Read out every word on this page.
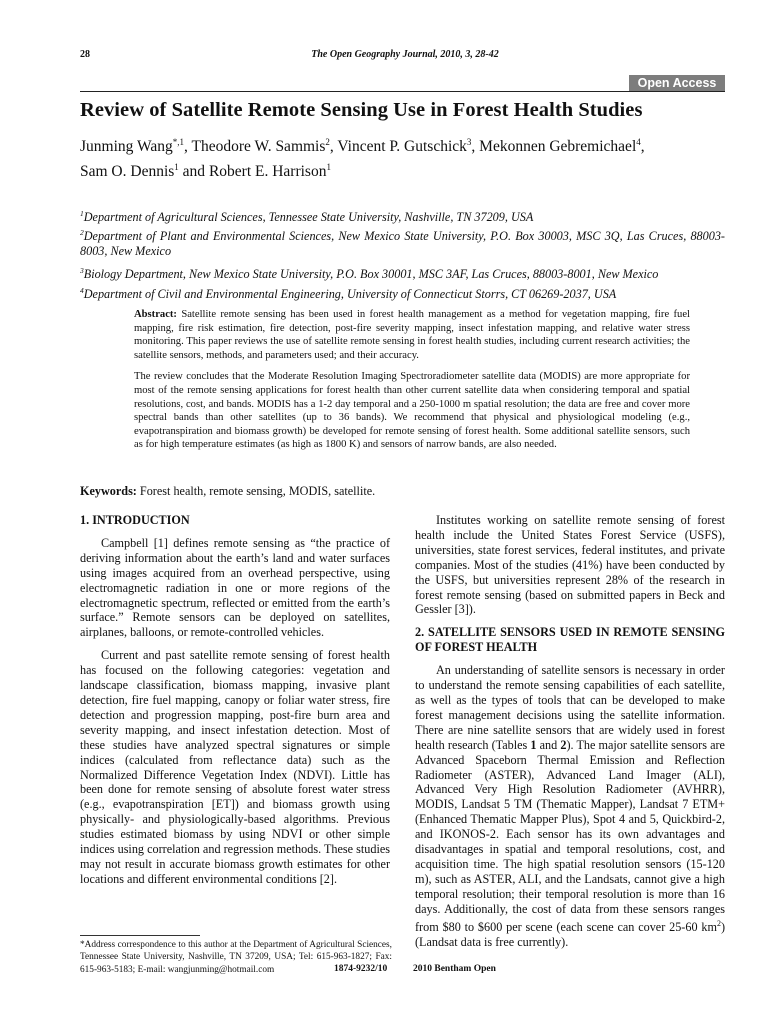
28	The Open Geography Journal, 2010, 3, 28-42
Open Access
Review of Satellite Remote Sensing Use in Forest Health Studies
Junming Wang$^{*,1}$, Theodore W. Sammis$^2$, Vincent P. Gutschick$^3$, Mekonnen Gebremichael$^4$,
Sam O. Dennis$^1$ and Robert E. Harrison$^1$
$^1$Department of Agricultural Sciences, Tennessee State University, Nashville, TN 37209, USA
$^2$Department of Plant and Environmental Sciences, New Mexico State University, P.O. Box 30003, MSC 3Q, Las Cruces, 88003-8003, New Mexico
$^3$Biology Department, New Mexico State University, P.O. Box 30001, MSC 3AF, Las Cruces, 88003-8001, New Mexico
$^4$Department of Civil and Environmental Engineering, University of Connecticut Storrs, CT 06269-2037, USA

Abstract: Satellite remote sensing has been used in forest health management as a method for vegetation mapping, fire fuel mapping, fire risk estimation, fire detection, post-fire severity mapping, insect infestation mapping, and relative water stress monitoring. This paper reviews the use of satellite remote sensing in forest health studies, including current research activities; the satellite sensors, methods, and parameters used; and their accuracy.

The review concludes that the Moderate Resolution Imaging Spectroradiometer satellite data (MODIS) are more appropriate for most of the remote sensing applications for forest health than other current satellite data when considering temporal and spatial resolutions, cost, and bands. MODIS has a 1-2 day temporal and a 250-1000 m spatial resolution; the data are free and cover more spectral bands than other satellites (up to 36 bands). We recommend that physical and physiological modeling (e.g., evapotranspiration and biomass growth) be developed for remote sensing of forest health. Some additional satellite sensors, such as for high temperature estimates (as high as 1800 K) and sensors of narrow bands, are also needed.

Keywords: Forest health, remote sensing, MODIS, satellite.
1. INTRODUCTION

Campbell [1] defines remote sensing as “the practice of deriving information about the earth’s land and water surfaces using images acquired from an overhead perspective, using electromagnetic radiation in one or more regions of the electromagnetic spectrum, reflected or emitted from the earth’s surface.” Remote sensors can be deployed on satellites, airplanes, balloons, or remote-controlled vehicles.

Current and past satellite remote sensing of forest health has focused on the following categories: vegetation and landscape classification, biomass mapping, invasive plant detection, fire fuel mapping, canopy or foliar water stress, fire detection and progression mapping, post-fire burn area and severity mapping, and insect infestation detection. Most of these studies have analyzed spectral signatures or simple indices (calculated from reflectance data) such as the Normalized Difference Vegetation Index (NDVI). Little has been done for remote sensing of absolute forest water stress (e.g., evapotranspiration [ET]) and biomass growth using physically- and physiologically-based algorithms. Previous studies estimated biomass by using NDVI or other simple indices using correlation and regression methods. These studies may not result in accurate biomass growth estimates for other locations and different environmental conditions [2].

Institutes working on satellite remote sensing of forest health include the United States Forest Service (USFS), universities, state forest services, federal institutes, and private companies. Most of the studies (41%) have been conducted by the USFS, but universities represent 28% of the research in forest remote sensing (based on submitted papers in Beck and Gessler [3]).

2. SATELLITE SENSORS USED IN REMOTE SENSING OF FOREST HEALTH

An understanding of satellite sensors is necessary in order to understand the remote sensing capabilities of each satellite, as well as the types of tools that can be developed to make forest management decisions using the satellite information. There are nine satellite sensors that are widely used in forest health research (Tables 1 and 2). The major satellite sensors are Advanced Spaceborn Thermal Emission and Reflection Radiometer (ASTER), Advanced Land Imager (ALI), Advanced Very High Resolution Radiometer (AVHRR), MODIS, Landsat 5 TM (Thematic Mapper), Landsat 7 ETM+ (Enhanced Thematic Mapper Plus), Spot 4 and 5, Quickbird-2, and IKONOS-2. Each sensor has its own advantages and disadvantages in spatial and temporal resolutions, cost, and acquisition time. The high spatial resolution sensors (15-120 m), such as ASTER, ALI, and the Landsats, cannot give a high temporal resolution; their temporal resolution is more than 16 days. Additionally, the cost of data from these sensors ranges from $80 to $600 per scene (each scene can cover 25-60 $km^2$) (Landsat data is free currently).

*Address correspondence to this author at the Department of Agricultural Sciences, Tennessee State University, Nashville, TN 37209, USA; Tel: 615-963-1827; Fax: 615-963-5183; E-mail: wangjunming@hotmail.com	1874-9232/10	2010 Bentham Open
